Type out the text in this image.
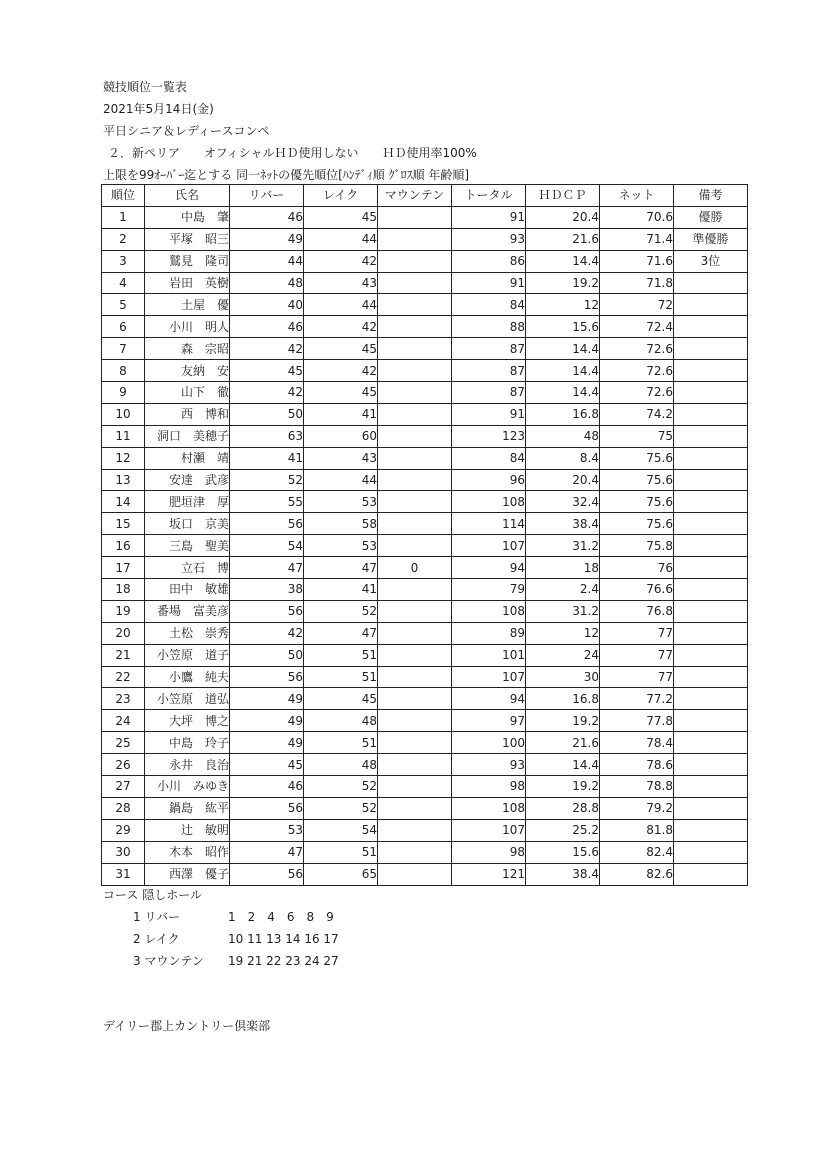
競技順位一覧表
2021年5月14日(金)
平日シニア＆レディースコンペ
２．新ペリア　　オフィシャルＨＤ使用しない　　ＨＤ使用率100%
上限を99ｵｰﾊﾞｰ迄とする 同一ﾈｯﾄの優先順位[ﾊﾝﾃﾞｨ順 ｸﾞﾛｽ順 年齢順]
順位	氏名	リバー	レイク	マウンテン	トータル	ＨＤＣＰ	ネット	備考
1	中島　肇	46	45		91	20.4	70.6	優勝
2	平塚　昭三	49	44		93	21.6	71.4	準優勝
3	鷲見　隆司	44	42		86	14.4	71.6	3位
4	岩田　英樹	48	43		91	19.2	71.8	
5	土屋　優	40	44		84	12	72	
6	小川　明人	46	42		88	15.6	72.4	
7	森　宗昭	42	45		87	14.4	72.6	
8	友納　安	45	42		87	14.4	72.6	
9	山下　徹	42	45		87	14.4	72.6	
10	西　博和	50	41		91	16.8	74.2	
11	洞口　美穂子	63	60		123	48	75	
12	村瀬　靖	41	43		84	8.4	75.6	
13	安達　武彦	52	44		96	20.4	75.6	
14	肥垣津　厚	55	53		108	32.4	75.6	
15	坂口　京美	56	58		114	38.4	75.6	
16	三島　聖美	54	53		107	31.2	75.8	
17	立石　博	47	47	0	94	18	76	
18	田中　敏雄	38	41		79	2.4	76.6	
19	番場　富美彦	56	52		108	31.2	76.8	
20	土松　崇秀	42	47		89	12	77	
21	小笠原　道子	50	51		101	24	77	
22	小鷹　純夫	56	51		107	30	77	
23	小笠原　道弘	49	45		94	16.8	77.2	
24	大坪　博之	49	48		97	19.2	77.8	
25	中島　玲子	49	51		100	21.6	78.4	
26	永井　良治	45	48		93	14.4	78.6	
27	小川　みゆき	46	52		98	19.2	78.8	
28	鍋島　紘平	56	52		108	28.8	79.2	
29	辻　敏明	53	54		107	25.2	81.8	
30	木本　昭作	47	51		98	15.6	82.4	
31	西澤　優子	56	65		121	38.4	82.6	
コース 隠しホール
1 リバー	1　2　4　6　8　9
2 レイク	10 11 13 14 16 17
3 マウンテン 19 21 22 23 24 27
デイリー郡上カントリー倶楽部
